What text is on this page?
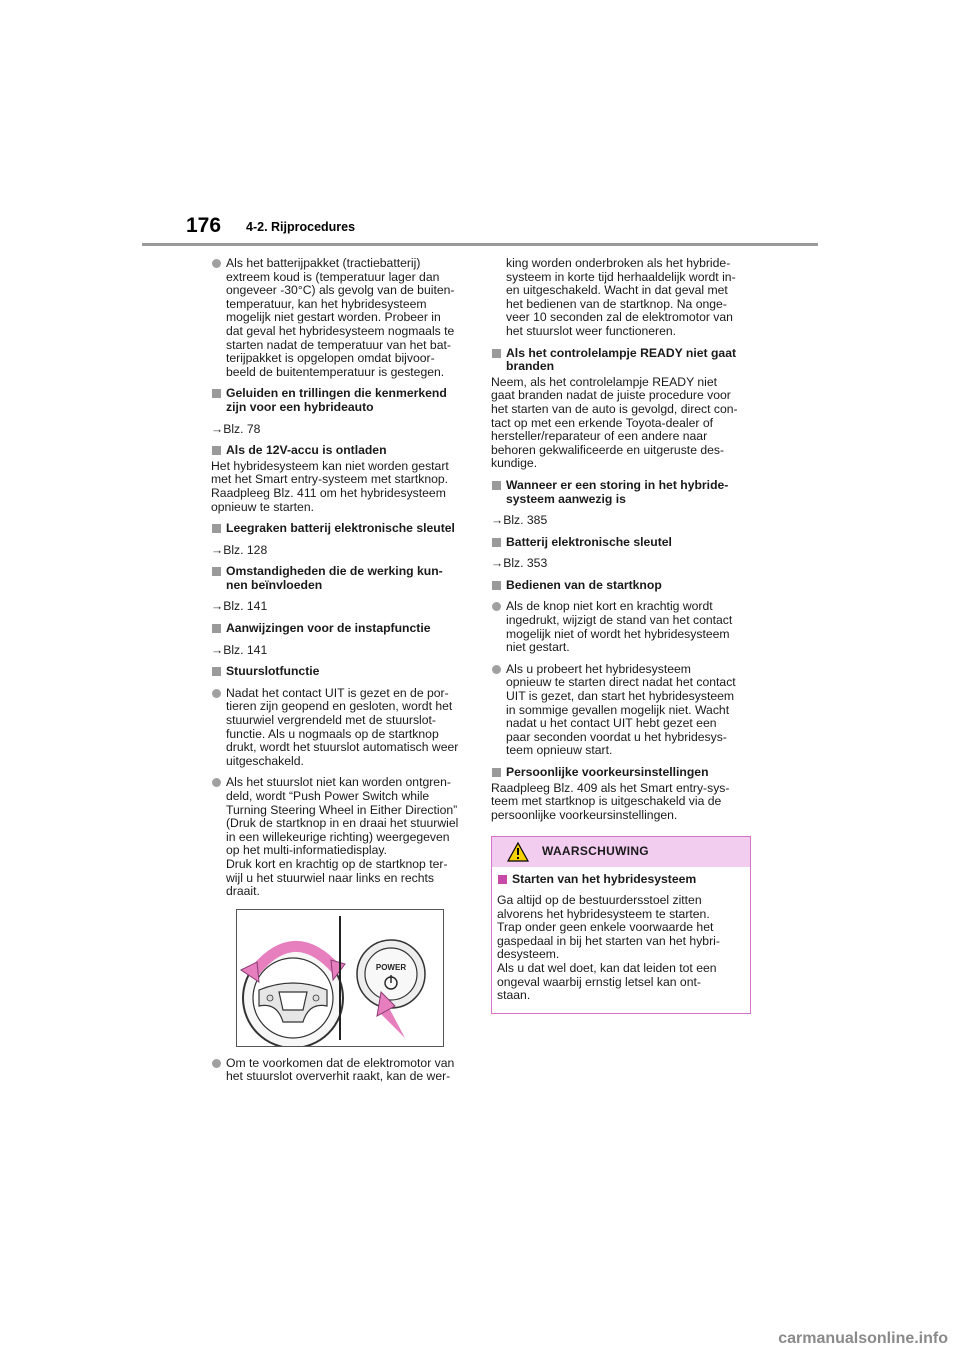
176 4-2. Rijprocedures
Als het batterijpakket (tractiebatterij)
extreem koud is (temperatuur lager dan
ongeveer -30°C) als gevolg van de buiten-
temperatuur, kan het hybridesysteem
mogelijk niet gestart worden. Probeer in
dat geval het hybridesysteem nogmaals te
starten nadat de temperatuur van het bat-
terijpakket is opgelopen omdat bijvoor-
beeld de buitentemperatuur is gestegen.
Geluiden en trillingen die kenmerkend
zijn voor een hybrideauto
→Blz. 78
Als de 12V-accu is ontladen
Het hybridesysteem kan niet worden gestart
met het Smart entry-systeem met startknop.
Raadpleeg Blz. 411 om het hybridesysteem
opnieuw te starten.
Leegraken batterij elektronische sleutel
→Blz. 128
Omstandigheden die de werking kun-
nen beïnvloeden
→Blz. 141
Aanwijzingen voor de instapfunctie
→Blz. 141
Stuurslotfunctie
Nadat het contact UIT is gezet en de por-
tieren zijn geopend en gesloten, wordt het
stuurwiel vergrendeld met de stuurslot-
functie. Als u nogmaals op de startknop
drukt, wordt het stuurslot automatisch weer
uitgeschakeld.
Als het stuurslot niet kan worden ontgren-
deld, wordt “Push Power Switch while
Turning Steering Wheel in Either Direction”
(Druk de startknop in en draai het stuurwiel
in een willekeurige richting) weergegeven
op het multi-informatiedisplay.
Druk kort en krachtig op de startknop ter-
wijl u het stuurwiel naar links en rechts
draait.
POWER
Om te voorkomen dat de elektromotor van
het stuurslot oververhit raakt, kan de wer-
king worden onderbroken als het hybride-
systeem in korte tijd herhaaldelijk wordt in-
en uitgeschakeld. Wacht in dat geval met
het bedienen van de startknop. Na onge-
veer 10 seconden zal de elektromotor van
het stuurslot weer functioneren.
Als het controlelampje READY niet gaat
branden
Neem, als het controlelampje READY niet
gaat branden nadat de juiste procedure voor
het starten van de auto is gevolgd, direct con-
tact op met een erkende Toyota-dealer of
hersteller/reparateur of een andere naar
behoren gekwalificeerde en uitgeruste des-
kundige.
Wanneer er een storing in het hybride-
systeem aanwezig is
→Blz. 385
Batterij elektronische sleutel
→Blz. 353
Bedienen van de startknop
Als de knop niet kort en krachtig wordt
ingedrukt, wijzigt de stand van het contact
mogelijk niet of wordt het hybridesysteem
niet gestart.
Als u probeert het hybridesysteem
opnieuw te starten direct nadat het contact
UIT is gezet, dan start het hybridesysteem
in sommige gevallen mogelijk niet. Wacht
nadat u het contact UIT hebt gezet een
paar seconden voordat u het hybridesys-
teem opnieuw start.
Persoonlijke voorkeursinstellingen
Raadpleeg Blz. 409 als het Smart entry-sys-
teem met startknop is uitgeschakeld via de
persoonlijke voorkeursinstellingen.
WAARSCHUWING
Starten van het hybridesysteem
Ga altijd op de bestuurdersstoel zitten
alvorens het hybridesysteem te starten.
Trap onder geen enkele voorwaarde het
gaspedaal in bij het starten van het hybri-
desysteem.
Als u dat wel doet, kan dat leiden tot een
ongeval waarbij ernstig letsel kan ont-
staan.
carmanualsonline.info
